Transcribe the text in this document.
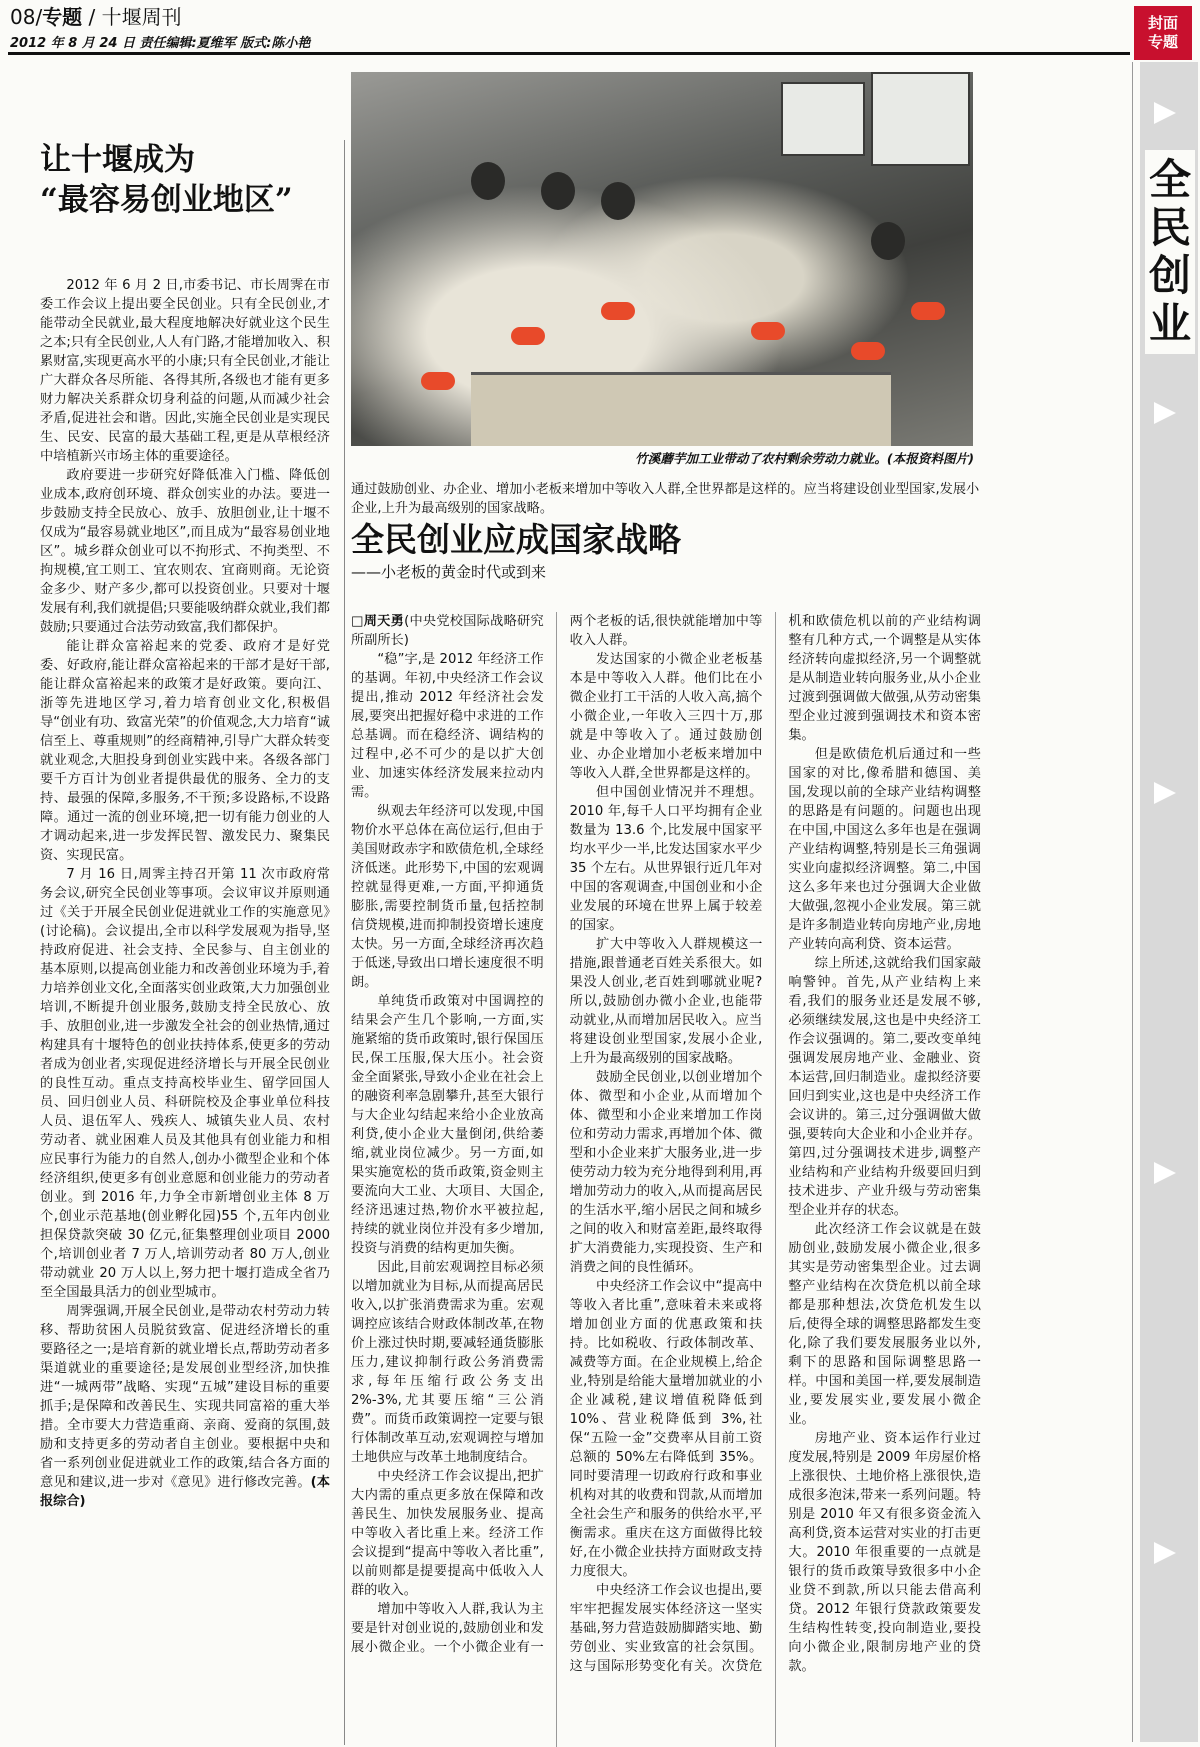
08/专题 / 十堰周刊
2012 年 8 月 24 日 责任编辑:夏维军 版式:陈小艳
封面
专题
全民创业
让十堰成为
“最容易创业地区”

2012 年 6 月 2 日,市委书记、市长周霁在市委工作会议上提出要全民创业。只有全民创业,才能带动全民就业,最大程度地解决好就业这个民生之本;只有全民创业,人人有门路,才能增加收入、积累财富,实现更高水平的小康;只有全民创业,才能让广大群众各尽所能、各得其所,各级也才能有更多财力解决关系群众切身利益的问题,从而减少社会矛盾,促进社会和谐。因此,实施全民创业是实现民生、民安、民富的最大基础工程,更是从草根经济中培植新兴市场主体的重要途径。

政府要进一步研究好降低准入门槛、降低创业成本,政府创环境、群众创实业的办法。要进一步鼓励支持全民放心、放手、放胆创业,让十堰不仅成为“最容易就业地区”,而且成为“最容易创业地区”。城乡群众创业可以不拘形式、不拘类型、不拘规模,宜工则工、宜农则农、宜商则商。无论资金多少、财产多少,都可以投资创业。只要对十堰发展有利,我们就提倡;只要能吸纳群众就业,我们都鼓励;只要通过合法劳动致富,我们都保护。

能让群众富裕起来的党委、政府才是好党委、好政府,能让群众富裕起来的干部才是好干部,能让群众富裕起来的政策才是好政策。要向江、浙等先进地区学习,着力培育创业文化,积极倡导“创业有功、致富光荣”的价值观念,大力培育“诚信至上、尊重规则”的经商精神,引导广大群众转变就业观念,大胆投身到创业实践中来。各级各部门要千方百计为创业者提供最优的服务、全力的支持、最强的保障,多服务,不干预;多设路标,不设路障。通过一流的创业环境,把一切有能力创业的人才调动起来,进一步发挥民智、激发民力、聚集民资、实现民富。

7 月 16 日,周霁主持召开第 11 次市政府常务会议,研究全民创业等事项。会议审议并原则通过《关于开展全民创业促进就业工作的实施意见》(讨论稿)。会议提出,全市以科学发展观为指导,坚持政府促进、社会支持、全民参与、自主创业的基本原则,以提高创业能力和改善创业环境为手,着力培养创业文化,全面落实创业政策,大力加强创业培训,不断提升创业服务,鼓励支持全民放心、放手、放胆创业,进一步激发全社会的创业热情,通过构建具有十堰特色的创业扶持体系,使更多的劳动者成为创业者,实现促进经济增长与开展全民创业的良性互动。重点支持高校毕业生、留学回国人员、回归创业人员、科研院校及企事业单位科技人员、退伍军人、残疾人、城镇失业人员、农村劳动者、就业困难人员及其他具有创业能力和相应民事行为能力的自然人,创办小微型企业和个体经济组织,使更多有创业意愿和创业能力的劳动者创业。到 2016 年,力争全市新增创业主体 8 万个,创业示范基地(创业孵化园)55 个,五年内创业担保贷款突破 30 亿元,征集整理创业项目 2000 个,培训创业者 7 万人,培训劳动者 80 万人,创业带动就业 20 万人以上,努力把十堰打造成全省乃至全国最具活力的创业型城市。

周霁强调,开展全民创业,是带动农村劳动力转移、帮助贫困人员脱贫致富、促进经济增长的重要路径之一;是培育新的就业增长点,帮助劳动者多渠道就业的重要途径;是发展创业型经济,加快推进“一城两带”战略、实现“五城”建设目标的重要抓手;是保障和改善民生、实现共同富裕的重大举措。全市要大力营造重商、亲商、爱商的氛围,鼓励和支持更多的劳动者自主创业。要根据中央和省一系列创业促进就业工作的政策,结合各方面的意见和建议,进一步对《意见》进行修改完善。(本报综合)

竹溪蘑芋加工业带动了农村剩余劳动力就业。(本报资料图片)

通过鼓励创业、办企业、增加小老板来增加中等收入人群,全世界都是这样的。应当将建设创业型国家,发展小企业,上升为最高级别的国家战略。

全民创业应成国家战略

——小老板的黄金时代或到来

□周天勇(中央党校国际战略研究所副所长)

“稳”字,是 2012 年经济工作的基调。年初,中央经济工作会议提出,推动 2012 年经济社会发展,要突出把握好稳中求进的工作总基调。而在稳经济、调结构的过程中,必不可少的是以扩大创业、加速实体经济发展来拉动内需。

纵观去年经济可以发现,中国物价水平总体在高位运行,但由于美国财政赤字和欧债危机,全球经济低迷。此形势下,中国的宏观调控就显得更难,一方面,平抑通货膨胀,需要控制货币量,包括控制信贷规模,进而抑制投资增长速度太快。另一方面,全球经济再次趋于低迷,导致出口增长速度很不明朗。

单纯货币政策对中国调控的结果会产生几个影响,一方面,实施紧缩的货币政策时,银行保国压民,保工压服,保大压小。社会资金全面紧张,导致小企业在社会上的融资利率急剧攀升,甚至大银行与大企业勾结起来给小企业放高利贷,使小企业大量倒闭,供给萎缩,就业岗位减少。另一方面,如果实施宽松的货币政策,资金则主要流向大工业、大项目、大国企,经济迅速过热,物价水平被拉起,持续的就业岗位并没有多少增加,投资与消费的结构更加失衡。

因此,目前宏观调控目标必须以增加就业为目标,从而提高居民收入,以扩张消费需求为重。宏观调控应该结合财政体制改革,在物价上涨过快时期,要减轻通货膨胀压力,建议抑制行政公务消费需求,每年压缩行政公务支出 2%-3%,尤其要压缩“三公消费”。而货币政策调控一定要与银行体制改革互动,宏观调控与增加土地供应与改革土地制度结合。

中央经济工作会议提出,把扩大内需的重点更多放在保障和改善民生、加快发展服务业、提高中等收入者比重上来。经济工作会议提到“提高中等收入者比重”,以前则都是提要提高中低收入人群的收入。

增加中等收入人群,我认为主要是针对创业说的,鼓励创业和发展小微企业。一个小微企业有一两个老板的话,很快就能增加中等收入人群。

发达国家的小微企业老板基本是中等收入人群。他们比在小微企业打工干活的人收入高,搞个小微企业,一年收入三四十万,那就是中等收入了。通过鼓励创业、办企业增加小老板来增加中等收入人群,全世界都是这样的。

但中国创业情况并不理想。2010 年,每千人口平均拥有企业数量为 13.6 个,比发展中国家平均水平少一半,比发达国家水平少 35 个左右。从世界银行近几年对中国的客观调查,中国创业和小企业发展的环境在世界上属于较差的国家。

扩大中等收入人群规模这一措施,跟普通老百姓关系很大。如果没人创业,老百姓到哪就业呢?所以,鼓励创办微小企业,也能带动就业,从而增加居民收入。应当将建设创业型国家,发展小企业,上升为最高级别的国家战略。

鼓励全民创业,以创业增加个体、微型和小企业,从而增加个体、微型和小企业来增加工作岗位和劳动力需求,再增加个体、微型和小企业来扩大服务业,进一步使劳动力较为充分地得到利用,再增加劳动力的收入,从而提高居民的生活水平,缩小居民之间和城乡之间的收入和财富差距,最终取得扩大消费能力,实现投资、生产和消费之间的良性循环。

中央经济工作会议中“提高中等收入者比重”,意味着未来或将增加创业方面的优惠政策和扶持。比如税收、行政体制改革、减费等方面。在企业规模上,给企业,特别是给能大量增加就业的小企业减税,建议增值税降低到 10%、营业税降低到 3%,社保“五险一金”交费率从目前工资总额的 50%左右降低到 35%。同时要清理一切政府行政和事业机构对其的收费和罚款,从而增加全社会生产和服务的供给水平,平衡需求。重庆在这方面做得比较好,在小微企业扶持方面财政支持力度很大。

中央经济工作会议也提出,要牢牢把握发展实体经济这一坚实基础,努力营造鼓励脚踏实地、勤劳创业、实业致富的社会氛围。这与国际形势变化有关。次贷危机和欧债危机以前的产业结构调整有几种方式,一个调整是从实体经济转向虚拟经济,另一个调整就是从制造业转向服务业,从小企业过渡到强调做大做强,从劳动密集型企业过渡到强调技术和资本密集。

但是欧债危机后通过和一些国家的对比,像希腊和德国、美国,发现以前的全球产业结构调整的思路是有问题的。问题也出现在中国,中国这么多年也是在强调产业结构调整,特别是长三角强调实业向虚拟经济调整。第二,中国这么多年来也过分强调大企业做大做强,忽视小企业发展。第三就是许多制造业转向房地产业,房地产业转向高利贷、资本运营。

综上所述,这就给我们国家敲响警钟。首先,从产业结构上来看,我们的服务业还是发展不够,必须继续发展,这也是中央经济工作会议强调的。第二,要改变单纯强调发展房地产业、金融业、资本运营,回归制造业。虚拟经济要回归到实业,这也是中央经济工作会议讲的。第三,过分强调做大做强,要转向大企业和小企业并存。第四,过分强调技术进步,调整产业结构和产业结构升级要回归到技术进步、产业升级与劳动密集型企业并存的状态。

此次经济工作会议就是在鼓励创业,鼓励发展小微企业,很多其实是劳动密集型企业。过去调整产业结构在次贷危机以前全球都是那种想法,次贷危机发生以后,使得全球的调整思路都发生变化,除了我们要发展服务业以外,剩下的思路和国际调整思路一样。中国和美国一样,要发展制造业,要发展实业,要发展小微企业。

房地产业、资本运作行业过度发展,特别是 2009 年房屋价格上涨很快、土地价格上涨很快,造成很多泡沫,带来一系列问题。特别是 2010 年又有很多资金流入高利贷,资本运营对实业的打击更大。2010 年很重要的一点就是银行的货币政策导致很多中小企业贷不到款,所以只能去借高利贷。2012 年银行贷款政策要发生结构性转变,投向制造业,要投向小微企业,限制房地产业的贷款。
